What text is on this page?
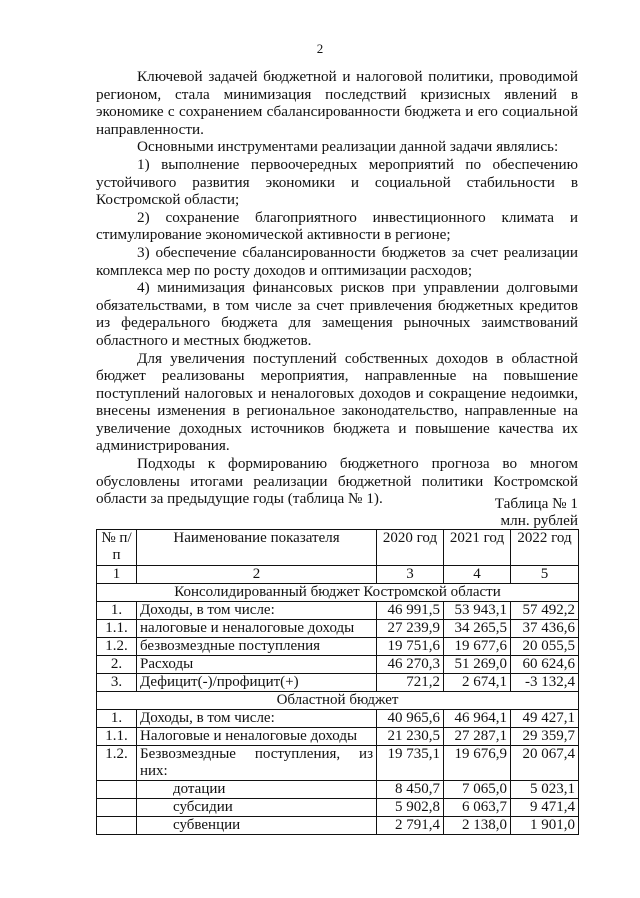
2

Ключевой задачей бюджетной и налоговой политики, проводимой регионом, стала минимизация последствий кризисных явлений в экономике с сохранением сбалансированности бюджета и его социальной направленности.

Основными инструментами реализации данной задачи являлись:

1) выполнение первоочередных мероприятий по обеспечению устойчивого развития экономики и социальной стабильности в Костромской области;

2) сохранение благоприятного инвестиционного климата и стимулирование экономической активности в регионе;

3) обеспечение сбалансированности бюджетов за счет реализации комплекса мер по росту доходов и оптимизации расходов;

4) минимизация финансовых рисков при управлении долговыми обязательствами, в том числе за счет привлечения бюджетных кредитов из федерального бюджета для замещения рыночных заимствований областного и местных бюджетов.

Для увеличения поступлений собственных доходов в областной бюджет реализованы мероприятия, направленные на повышение поступлений налоговых и неналоговых доходов и сокращение недоимки, внесены изменения в региональное законодательство, направленные на увеличение доходных источников бюджета и повышение качества их администрирования.

Подходы к формированию бюджетного прогноза во многом обусловлены итогами реализации бюджетной политики Костромской области за предыдущие годы (таблица № 1).	Таблица № 1
млн. рублей
№ п/п	Наименование показателя	2020 год	2021 год	2022 год
1	2	3	4	5
Консолидированный бюджет Костромской области				
1.	Доходы, в том числе:	46 991,5	53 943,1	57 492,2
1.1.	налоговые и неналоговые доходы	27 239,9	34 265,5	37 436,6
1.2.	безвозмездные поступления	19 751,6	19 677,6	20 055,5
2.	Расходы	46 270,3	51 269,0	60 624,6
3.	Дефицит(-)/профицит(+)	721,2	2 674,1	-3 132,4
Областной бюджет				
1.	Доходы, в том числе:	40 965,6	46 964,1	49 427,1
1.1.	Налоговые и неналоговые доходы	21 230,5	27 287,1	29 359,7
1.2.	Безвозмездные поступления, из них:	19 735,1	19 676,9	20 067,4
	дотации	8 450,7	7 065,0	5 023,1
	субсидии	5 902,8	6 063,7	9 471,4
	субвенции	2 791,4	2 138,0	1 901,0
